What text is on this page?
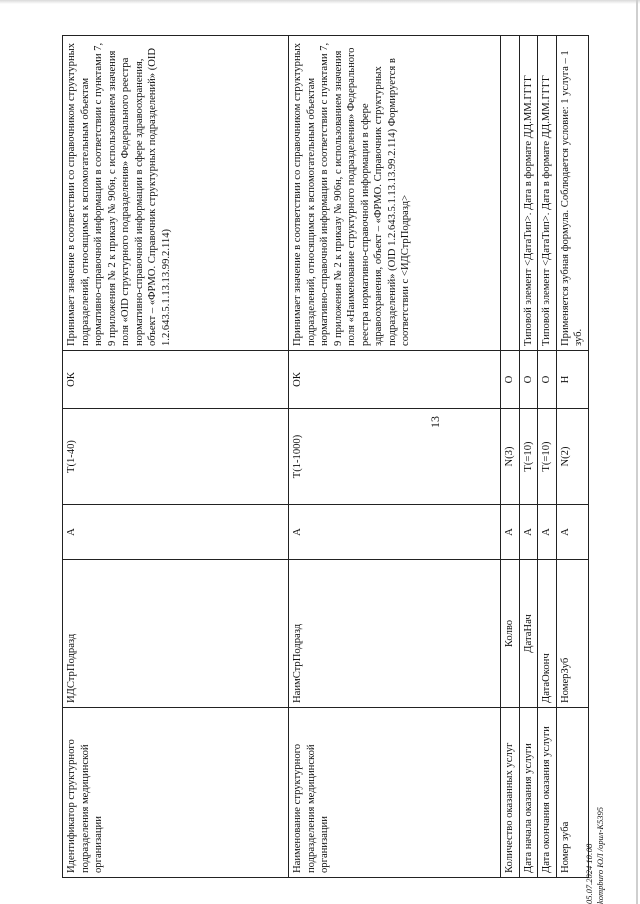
13
Идентификатор структурного подразделения медицинской организации	ИДСтрПодразд	А	Т(1-40)	ОК	Принимает значение в соответствии со справочником структурных подразделений, относящимся к вспомогательным объектам нормативно-справочной информации в соответствии с пунктами 7, 9 приложения № 2 к приказу № 906н, с использованием значения поля «OID структурного подразделения» Федерального реестра нормативно-справочной информации в сфере здравоохранения, объект – «ФРМО. Справочник структурных подразделений» (OID 1.2.643.5.1.13.13.99.2.114)
Наименование структурного подразделения медицинской организации	НаимСтрПодразд	А	Т(1-1000)	ОК	Принимает значение в соответствии со справочником структурных подразделений, относящимся к вспомогательным объектам нормативно-справочной информации в соответствии с пунктами 7, 9 приложения № 2 к приказу № 906н, с использованием значения поля «Наименование структурного подразделения» Федерального реестра нормативно-справочной информации в сфере здравоохранения, объект – «ФРМО. Справочник структурных подразделений» (OID 1.2.643.5.1.13.13.99.2.114) Формируется в соответствии с <ИДСтрПодразд>
Количество оказанных услуг	Колво	А	N(3)	О	
Дата начала оказания услуги	ДатаНач	А	Т(=10)	О	Типовой элемент <ДатаТип>. Дата в формате ДД.ММ.ГГГГ
Дата окончания оказания услуги	ДатаОконч	А	Т(=10)	О	Типовой элемент <ДатаТип>. Дата в формате ДД.ММ.ГГГГ
Номер зуба	НомерЗуб	А	N(2)	Н	Применяется зубная формула. Соблюдается условие: 1 услуга – 1 зуб.
05.07.2024 10:08 kompburo ЮЛ /орил-К5395
